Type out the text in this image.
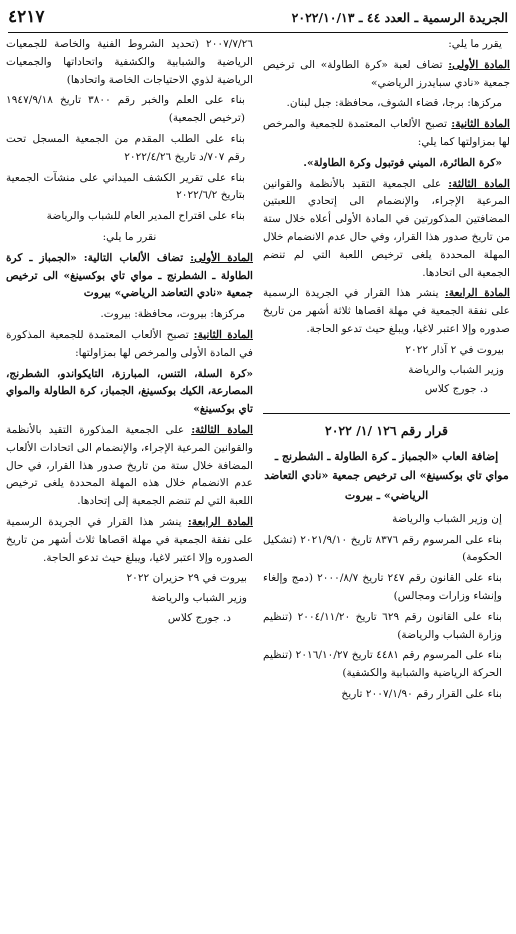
الجريدة الرسمية ـ العدد ٤٤ ـ ٢٠٢٢/١٠/١٣
٤٢١٧

يقرر ما يلي:

المادة الأولى: تضاف لعبة «كرة الطاولة» الى ترخيص جمعية «نادي سبايدرز الرياضي»

مركزها: برجا، قضاء الشوف، محافظة: جبل لبنان.

المادة الثانية: تصبح الألعاب المعتمدة للجمعية والمرخص لها بمزاولتها كما يلي:

«كرة الطائرة، الميني فوتبول وكرة الطاولة».

المادة الثالثة: على الجمعية التقيد بالأنظمة والقوانين المرعية الإجراء، والإنضمام الى إتحادي اللعبتين المضافتين المذكورتين في المادة الأولى أعلاه خلال ستة من تاريخ صدور هذا القرار، وفي حال عدم الانضمام خلال المهلة المحددة يلغى ترخيص اللعبة التي لم تنضم الجمعية الى اتحادها.

المادة الرابعة: ينشر هذا القرار في الجريدة الرسمية على نفقة الجمعية في مهلة اقصاها ثلاثة أشهر من تاريخ صدوره وإلا اعتبر لاغيا، ويبلغ حيث تدعو الحاجة.

بيروت في ٢ آذار ٢٠٢٢

وزير الشباب والرياضة

د. جورج كلاس

قرار رقم ١٢٦ /١/ ٢٠٢٢
إضافة العاب «الجمباز ـ كرة الطاولة ـ الشطرنج ـ مواي تاي بوكسينغ» الى ترخيص جمعية «نادي التعاضد الرياضي» ـ بيروت

إن وزير الشباب والرياضة

بناء على المرسوم رقم ٨٣٧٦ تاريخ ٢٠٢١/٩/١٠ (تشكيل الحكومة)

بناء على القانون رقم ٢٤٧ تاريخ ٢٠٠٠/٨/٧ (دمج وإلغاء وإنشاء وزارات ومجالس)

بناء على القانون رقم ٦٢٩ تاريخ ٢٠٠٤/١١/٢٠ (تنظيم وزارة الشباب والرياضة)

بناء على المرسوم رقم ٤٤٨١ تاريخ ٢٠١٦/١٠/٢٧ (تنظيم الحركة الرياضية والشبابية والكشفية)

بناء على القرار رقم ٢٠٠٧/١/٩٠ تاريخ

٢٠٠٧/٧/٢٦ (تحديد الشروط الفنية والخاصة للجمعيات الرياضية والشبابية والكشفية واتحاداتها والجمعيات الرياضية لذوي الاحتياجات الخاصة واتحادها)

بناء على العلم والخبر رقم ٣٨٠٠ تاريخ ١٩٤٧/٩/١٨ (ترخيص الجمعية)

بناء على الطلب المقدم من الجمعية المسجل تحت رقم ٧٠٧/د تاريخ ٢٠٢٢/٤/٢٦

بناء على تقرير الكشف الميداني على منشآت الجمعية بتاريخ ٢٠٢٢/٦/٢

بناء على اقتراح المدير العام للشباب والرياضة

نقرر ما يلي:

المادة الأولى: تضاف الألعاب التالية: «الجمباز ـ كرة الطاولة ـ الشطرنج ـ مواي تاي بوكسينغ» الى ترخيص جمعية «نادي التعاضد الرياضي» بيروت

مركزها: بيروت، محافظة: بيروت.

المادة الثانية: تصبح الألعاب المعتمدة للجمعية المذكورة في المادة الأولى والمرخص لها بمزاولتها:

«كرة السلة، التنس، المبارزة، التايكواندو، الشطرنج، المصارعة، الكيك بوكسينغ، الجمباز، كرة الطاولة والمواي تاي بوكسينغ»

المادة الثالثة: على الجمعية المذكورة التقيد بالأنظمة والقوانين المرعية الإجراء، والإنضمام الى اتحادات الألعاب المضافة خلال ستة من تاريخ صدور هذا القرار، في حال عدم الانضمام خلال هذه المهلة المحددة يلغى ترخيص اللعبة التي لم تنضم الجمعية إلى إتحادها.

المادة الرابعة: ينشر هذا القرار في الجريدة الرسمية على نفقة الجمعية في مهلة اقصاها ثلاث أشهر من تاريخ الصدوره وإلا اعتبر لاغيا، ويبلغ حيث تدعو الحاجة.

بيروت في ٢٩ حزيران ٢٠٢٢

وزير الشباب والرياضة

د. جورج كلاس
